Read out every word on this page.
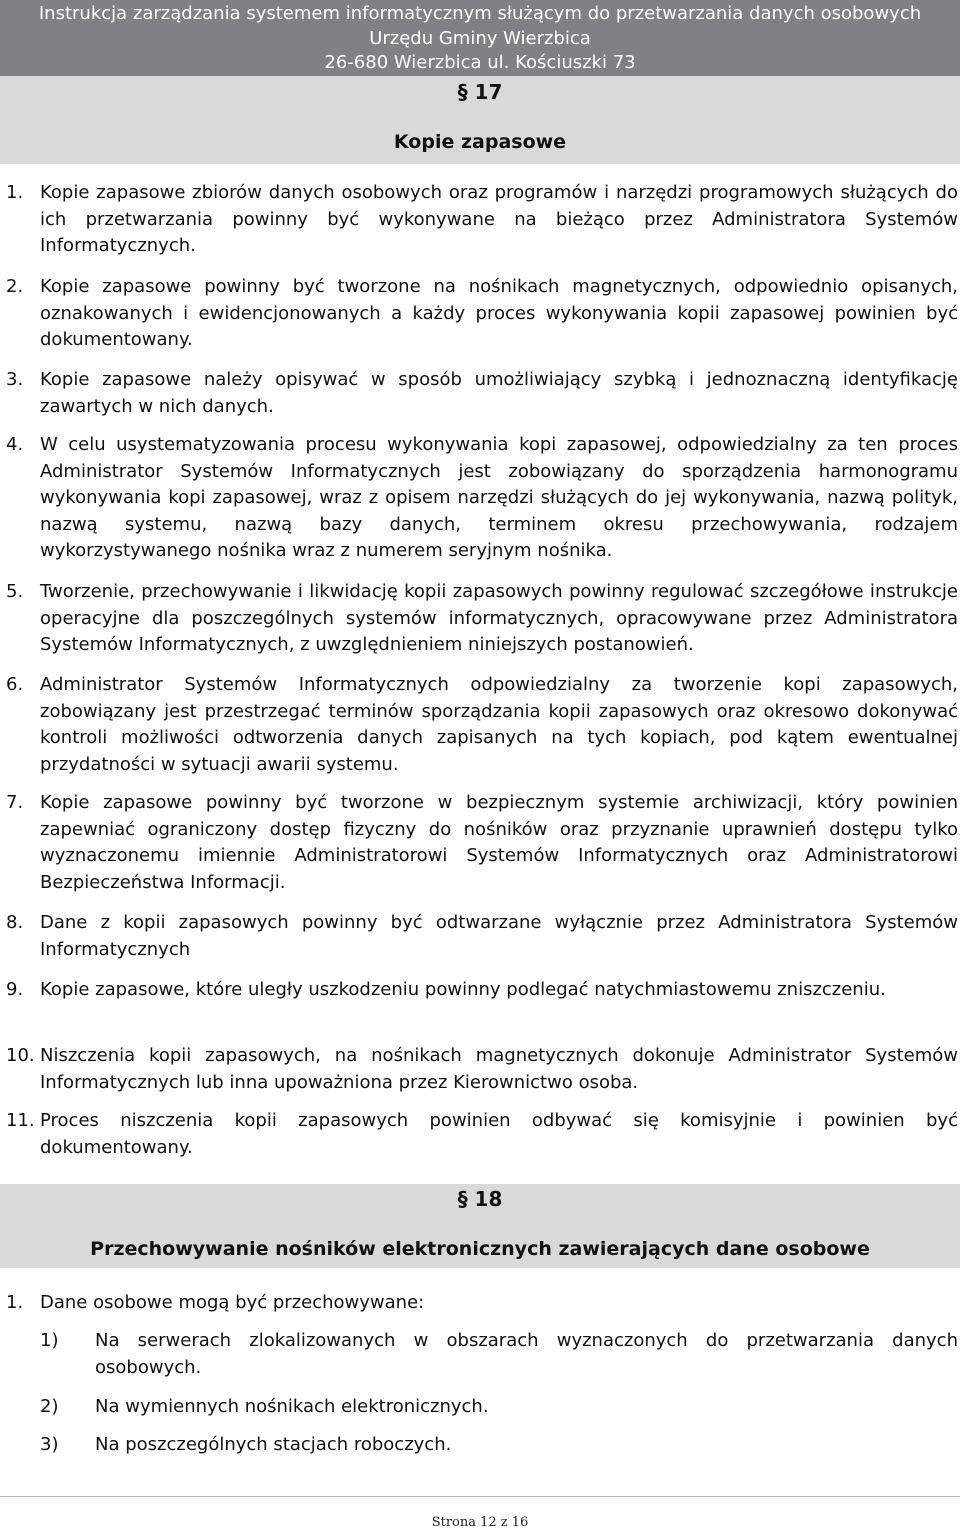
Instrukcja zarządzania systemem informatycznym służącym do przetwarzania danych osobowych
Urzędu Gminy Wierzbica
26-680 Wierzbica ul. Kościuszki 73
§ 17
Kopie zapasowe
1. Kopie zapasowe zbiorów danych osobowych oraz programów i narzędzi programowych służących do ich przetwarzania powinny być wykonywane na bieżąco przez Administratora Systemów Informatycznych.
2. Kopie zapasowe powinny być tworzone na nośnikach magnetycznych, odpowiednio opisanych, oznakowanych i ewidencjonowanych a każdy proces wykonywania kopii zapasowej powinien być dokumentowany.
3. Kopie zapasowe należy opisywać w sposób umożliwiający szybką i jednoznaczną identyfikację zawartych w nich danych.
4. W celu usystematyzowania procesu wykonywania kopi zapasowej, odpowiedzialny za ten proces Administrator Systemów Informatycznych jest zobowiązany do sporządzenia harmonogramu wykonywania kopi zapasowej, wraz z opisem narzędzi służących do jej wykonywania, nazwą polityk, nazwą systemu, nazwą bazy danych, terminem okresu przechowywania, rodzajem wykorzystywanego nośnika wraz z numerem seryjnym nośnika.
5. Tworzenie, przechowywanie i likwidację kopii zapasowych powinny regulować szczegółowe instrukcje operacyjne dla poszczególnych systemów informatycznych, opracowywane przez Administratora Systemów Informatycznych, z uwzględnieniem niniejszych postanowień.
6. Administrator Systemów Informatycznych odpowiedzialny za tworzenie kopi zapasowych, zobowiązany jest przestrzegać terminów sporządzania kopii zapasowych oraz okresowo dokonywać kontroli możliwości odtworzenia danych zapisanych na tych kopiach, pod kątem ewentualnej przydatności w sytuacji awarii systemu.
7. Kopie zapasowe powinny być tworzone w bezpiecznym systemie archiwizacji, który powinien zapewniać ograniczony dostęp fizyczny do nośników oraz przyznanie uprawnień dostępu tylko wyznaczonemu imiennie Administratorowi Systemów Informatycznych oraz Administratorowi Bezpieczeństwa Informacji.
8. Dane z kopii zapasowych powinny być odtwarzane wyłącznie przez Administratora Systemów Informatycznych
9. Kopie zapasowe, które uległy uszkodzeniu powinny podlegać natychmiastowemu zniszczeniu.
10. Niszczenia kopii zapasowych, na nośnikach magnetycznych dokonuje Administrator Systemów Informatycznych lub inna upoważniona przez Kierownictwo osoba.
11. Proces niszczenia kopii zapasowych powinien odbywać się komisyjnie i powinien być dokumentowany.
§ 18
Przechowywanie nośników elektronicznych zawierających dane osobowe
1. Dane osobowe mogą być przechowywane:
1) Na serwerach zlokalizowanych w obszarach wyznaczonych do przetwarzania danych osobowych.
2) Na wymiennych nośnikach elektronicznych.
3) Na poszczególnych stacjach roboczych.
Strona 12 z 16
